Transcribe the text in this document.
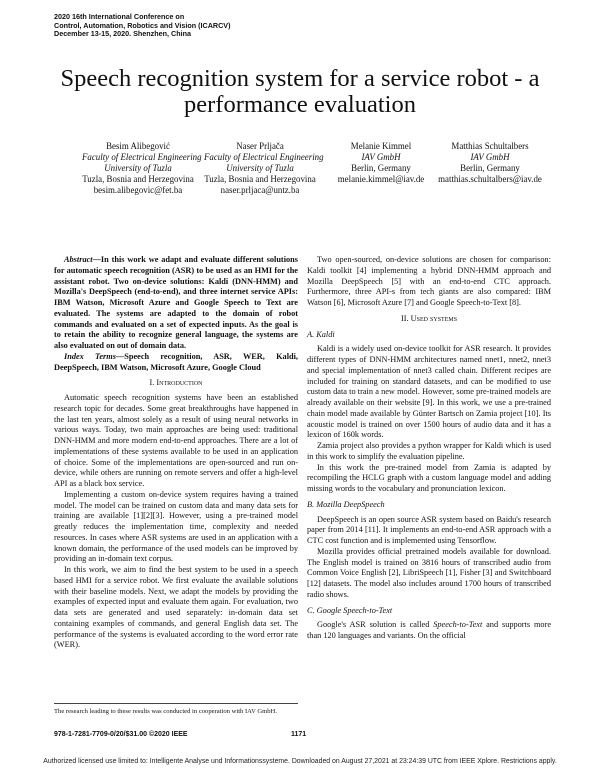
2020 16th International Conference on
Control, Automation, Robotics and Vision (ICARCV)
December 13-15, 2020. Shenzhen, China
Speech recognition system for a service robot - a
performance evaluation
Besim Alibegović
Faculty of Electrical Engineering
University of Tuzla
Tuzla, Bosnia and Herzegovina
besim.alibegovic@fet.ba
Naser Prljača
Faculty of Electrical Engineering
University of Tuzla
Tuzla, Bosnia and Herzegovina
naser.prljaca@untz.ba
Melanie Kimmel
IAV GmbH
Berlin, Germany
melanie.kimmel@iav.de
Matthias Schultalbers
IAV GmbH
Berlin, Germany
matthias.schultalbers@iav.de

Abstract—In this work we adapt and evaluate different solutions for automatic speech recognition (ASR) to be used as an HMI for the assistant robot. Two on-device solutions: Kaldi (DNN-HMM) and Mozilla's DeepSpeech (end-to-end), and three internet service APIs: IBM Watson, Microsoft Azure and Google Speech to Text are evaluated. The systems are adapted to the domain of robot commands and evaluated on a set of expected inputs. As the goal is to retain the ability to recognize general language, the systems are also evaluated on out of domain data.

Index Terms—Speech recognition, ASR, WER, Kaldi, DeepSpeech, IBM Watson, Microsoft Azure, Google Cloud

I. Introduction

Automatic speech recognition systems have been an established research topic for decades. Some great breakthroughs have happened in the last ten years, almost solely as a result of using neural networks in various ways. Today, two main approaches are being used: traditional DNN-HMM and more modern end-to-end approaches. There are a lot of implementations of these systems available to be used in an application of choice. Some of the implementations are open-sourced and run on-device, while others are running on remote servers and offer a high-level API as a black box service.

Implementing a custom on-device system requires having a trained model. The model can be trained on custom data and many data sets for training are available [1][2][3]. However, using a pre-trained model greatly reduces the implementation time, complexity and needed resources. In cases where ASR systems are used in an application with a known domain, the performance of the used models can be improved by providing an in-domain text corpus.

In this work, we aim to find the best system to be used in a speech based HMI for a service robot. We first evaluate the available solutions with their baseline models. Next, we adapt the models by providing the examples of expected input and evaluate them again. For evaluation, two data sets are generated and used separately: in-domain data set containing examples of commands, and general English data set. The performance of the systems is evaluated according to the word error rate (WER).

The research leading to these results was conducted in cooperation with IAV GmbH.

Two open-sourced, on-device solutions are chosen for comparison: Kaldi toolkit [4] implementing a hybrid DNN-HMM approach and Mozilla DeepSpeech [5] with an end-to-end CTC approach. Furthermore, three API-s from tech giants are also compared: IBM Watson [6], Microsoft Azure [7] and Google Speech-to-Text [8].

II. Used systems
A. Kaldi

Kaldi is a widely used on-device toolkit for ASR research. It provides different types of DNN-HMM architectures named nnet1, nnet2, nnet3 and special implementation of nnet3 called chain. Different recipes are included for training on standard datasets, and can be modified to use custom data to train a new model. However, some pre-trained models are already available on their website [9]. In this work, we use a pre-trained chain model made available by Günter Bartsch on Zamia project [10]. Its acoustic model is trained on over 1500 hours of audio data and it has a lexicon of 160k words.

Zamia project also provides a python wrapper for Kaldi which is used in this work to simplify the evaluation pipeline.

In this work the pre-trained model from Zamia is adapted by recompiling the HCLG graph with a custom language model and adding missing words to the vocabulary and pronunciation lexicon.

B. Mozilla DeepSpeech

DeepSpeech is an open source ASR system based on Baidu's research paper from 2014 [11]. It implements an end-to-end ASR approach with a CTC cost function and is implemented using Tensorflow.

Mozilla provides official pretrained models available for download. The English model is trained on 3816 hours of transcribed audio from Common Voice English [2], LibriSpeech [1], Fisher [3] and Switchboard [12] datasets. The model also includes around 1700 hours of transcribed radio shows.

C. Google Speech-to-Text

Google's ASR solution is called Speech-to-Text and supports more than 120 languages and variants. On the official

978-1-7281-7709-0/20/$31.00 ©2020 IEEE	1171
Authorized licensed use limited to: Intelligente Analyse und Informationssysteme. Downloaded on August 27,2021 at 23:24:39 UTC from IEEE Xplore. Restrictions apply.
